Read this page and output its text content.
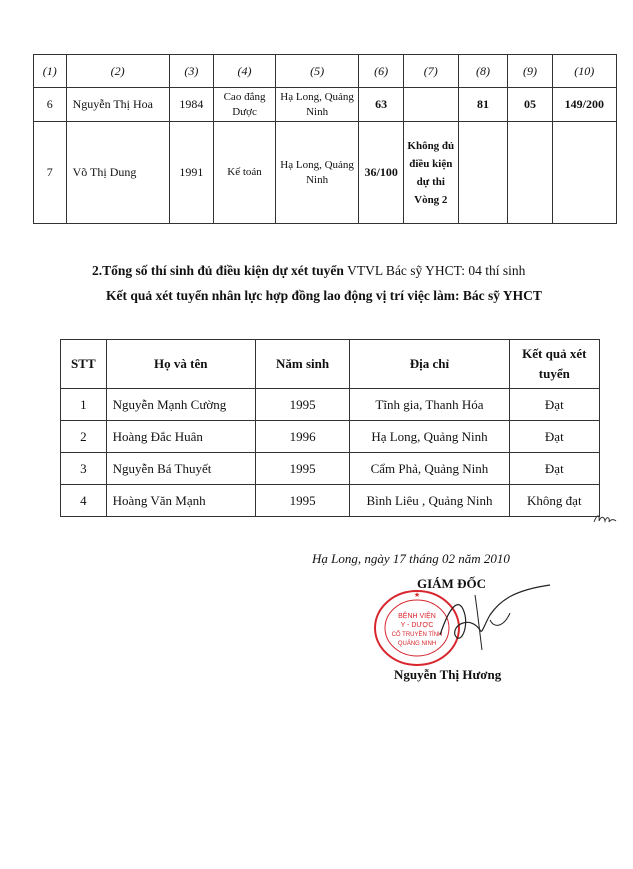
(1)	(2)	(3)	(4)	(5)	(6)	(7)	(8)	(9)	(10)
6	Nguyễn Thị Hoa	1984	Cao đẳng Dược	Hạ Long, Quảng Ninh	63		81	05	149/200
7	Võ Thị Dung	1991	Kế toán	Hạ Long, Quảng Ninh	36/100	Không đủ điều kiện dự thi Vòng 2			
2.Tổng số thí sinh đủ điều kiện dự xét tuyển VTVL Bác sỹ YHCT: 04 thí sinh
Kết quả xét tuyển nhân lực hợp đồng lao động vị trí việc làm: Bác sỹ YHCT
STT	Họ và tên	Năm sinh	Địa chỉ	Kết quả xét tuyển
1	Nguyễn Mạnh Cường	1995	Tĩnh gia, Thanh Hóa	Đạt
2	Hoàng Đắc Huân	1996	Hạ Long, Quảng Ninh	Đạt
3	Nguyễn Bá Thuyết	1995	Cẩm Phả, Quảng Ninh	Đạt
4	Hoàng Văn Mạnh	1995	Bình Liêu , Quảng Ninh	Không đạt
Hạ Long, ngày 17 tháng 02 năm 2010
GIÁM ĐỐC
BỆNH VIỆN
Y - DƯỢC
CỔ TRUYỀN TỈNH
QUẢNG NINH
★
Nguyễn Thị Hương
